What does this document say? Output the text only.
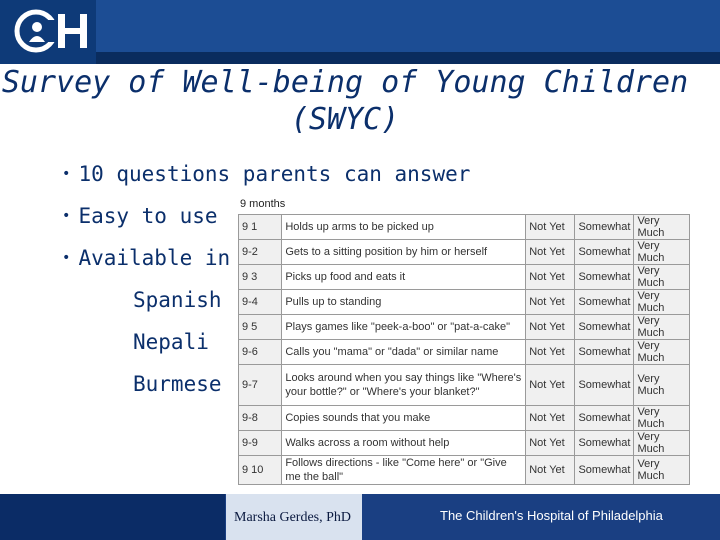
Survey of Well-being of Young Children
(SWYC)
• 10 questions parents can answer
• Easy to use
• Available in
Spanish
Nepali
Burmese
9 months
9 1	Holds up arms to be picked up	Not Yet	Somewhat	Very Much
9-2	Gets to a sitting position by him or herself	Not Yet	Somewhat	Very Much
9 3	Picks up food and eats it	Not Yet	Somewhat	Very Much
9-4	Pulls up to standing	Not Yet	Somewhat	Very Much
9 5	Plays games like "peek-a-boo" or "pat-a-cake"	Not Yet	Somewhat	Very Much
9-6	Calls you "mama" or "dada" or similar name	Not Yet	Somewhat	Very Much
9-7	Looks around when you say things like "Where's your bottle?" or "Where's your blanket?"	Not Yet	Somewhat	Very Much
9-8	Copies sounds that you make	Not Yet	Somewhat	Very Much
9-9	Walks across a room without help	Not Yet	Somewhat	Very Much
9 10	Follows directions - like "Come here" or "Give me the ball"	Not Yet	Somewhat	Very Much
Marsha Gerdes, PhD	The Children's Hospital of Philadelphia
